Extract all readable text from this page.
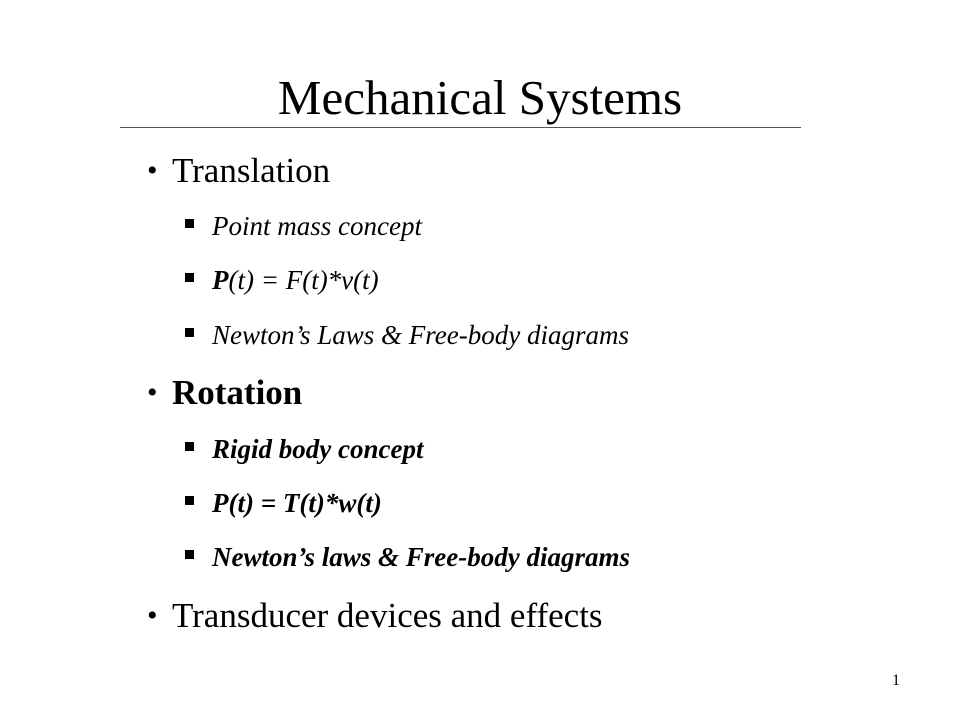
Mechanical Systems
• Translation
Point mass concept
P(t) = F(t)*v(t)
Newton’s Laws & Free-body diagrams
• Rotation
Rigid body concept
P(t) = T(t)*w(t)
Newton’s laws & Free-body diagrams
• Transducer devices and effects
1
